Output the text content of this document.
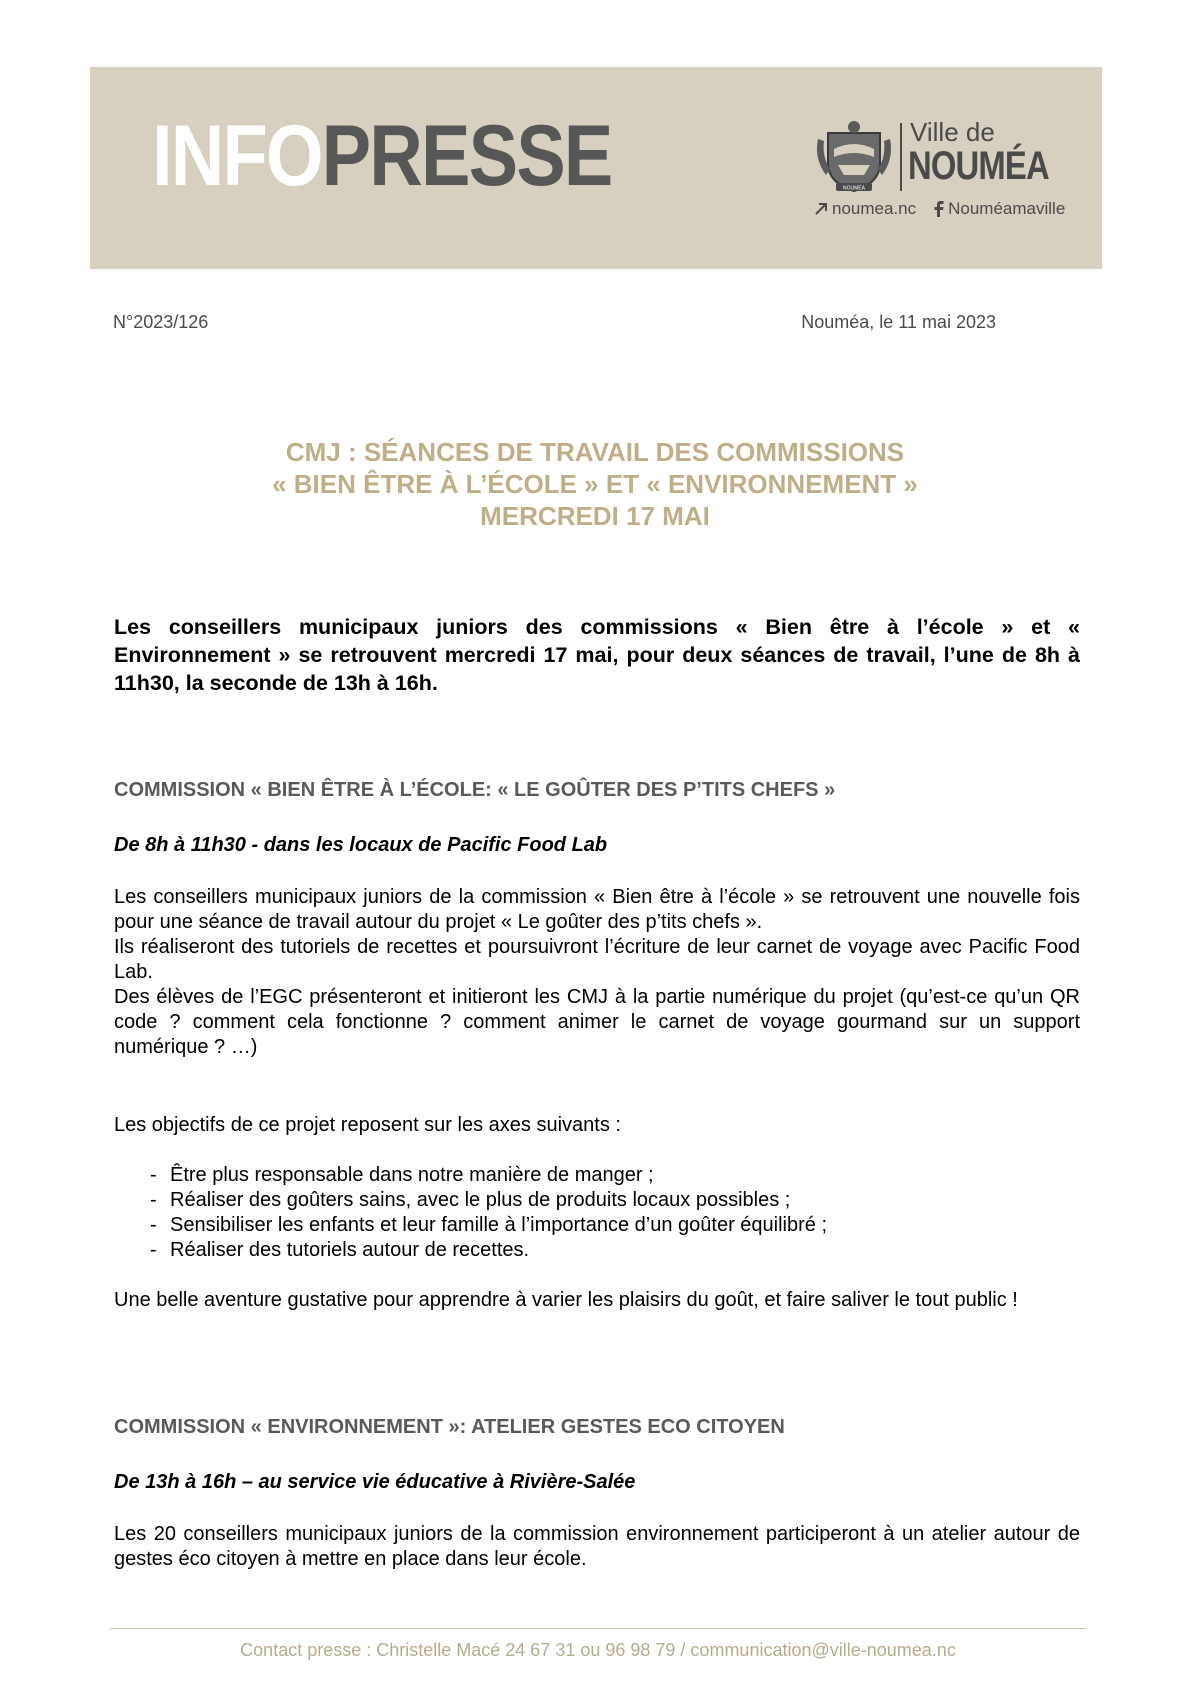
INFOPRESSE	NOUMÉA
Ville de
NOUMÉA
noumea.nc Nouméamaville
N°2023/126	Nouméa, le 11 mai 2023
CMJ : SÉANCES DE TRAVAIL DES COMMISSIONS
« BIEN ÊTRE À L’ÉCOLE » ET « ENVIRONNEMENT »
MERCREDI 17 MAI
Les conseillers municipaux juniors des commissions « Bien être à l’école » et « Environnement » se retrouvent mercredi 17 mai, pour deux séances de travail, l’une de 8h à 11h30, la seconde de 13h à 16h.
COMMISSION « BIEN ÊTRE À L’ÉCOLE: « LE GOÛTER DES P’TITS CHEFS »
De 8h à 11h30 - dans les locaux de Pacific Food Lab
Les conseillers municipaux juniors de la commission « Bien être à l’école » se retrouvent une nouvelle fois pour une séance de travail autour du projet « Le goûter des p’tits chefs ».
Ils réaliseront des tutoriels de recettes et poursuivront l’écriture de leur carnet de voyage avec Pacific Food Lab.
Des élèves de l’EGC présenteront et initieront les CMJ à la partie numérique du projet (qu’est-ce qu’un QR code ? comment cela fonctionne ? comment animer le carnet de voyage gourmand sur un support numérique ? …)
Les objectifs de ce projet reposent sur les axes suivants :
- Être plus responsable dans notre manière de manger ;
- Réaliser des goûters sains, avec le plus de produits locaux possibles ;
- Sensibiliser les enfants et leur famille à l’importance d’un goûter équilibré ;
- Réaliser des tutoriels autour de recettes.
Une belle aventure gustative pour apprendre à varier les plaisirs du goût, et faire saliver le tout public !
COMMISSION « ENVIRONNEMENT »: ATELIER GESTES ECO CITOYEN
De 13h à 16h – au service vie éducative à Rivière-Salée
Les 20 conseillers municipaux juniors de la commission environnement participeront à un atelier autour de gestes éco citoyen à mettre en place dans leur école.
Contact presse : Christelle Macé 24 67 31 ou 96 98 79 / communication@ville-noumea.nc
